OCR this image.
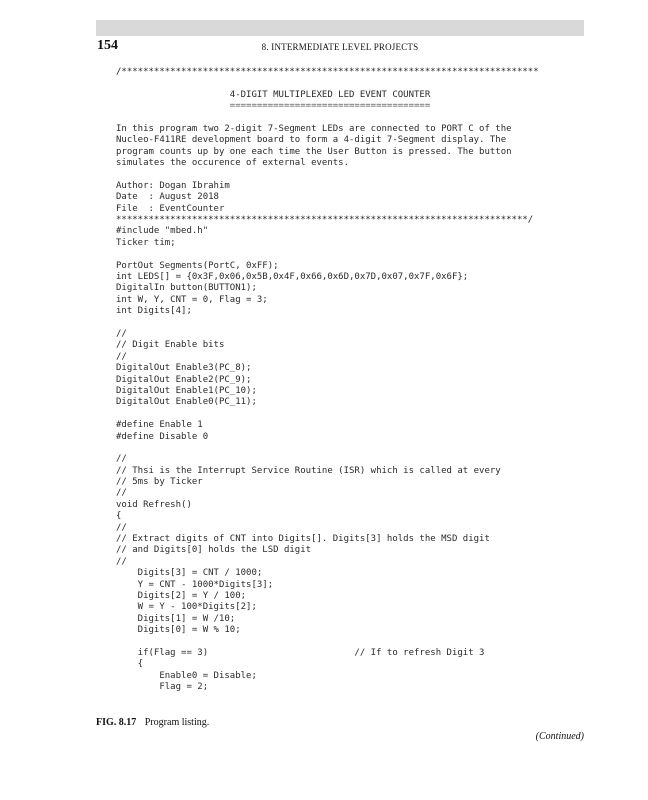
154	8. INTERMEDIATE LEVEL PROJECTS
/*****************************************************************************
4-DIGIT MULTIPLEXED LED EVENT COUNTER
=====================================
In this program two 2-digit 7-Segment LEDs are connected to PORT C of the
Nucleo-F411RE development board to form a 4-digit 7-Segment display. The
program counts up by one each time the User Button is pressed. The button
simulates the occurence of external events.
Author: Dogan Ibrahim
Date  : August 2018
File  : EventCounter
****************************************************************************/
#include "mbed.h"
Ticker tim;
PortOut Segments(PortC, 0xFF);
int LEDS[] = {0x3F,0x06,0x5B,0x4F,0x66,0x6D,0x7D,0x07,0x7F,0x6F};
DigitalIn button(BUTTON1);
int W, Y, CNT = 0, Flag = 3;
int Digits[4];
//
// Digit Enable bits
//
DigitalOut Enable3(PC_8);
DigitalOut Enable2(PC_9);
DigitalOut Enable1(PC_10);
DigitalOut Enable0(PC_11);
#define Enable 1
#define Disable 0
//
// Thsi is the Interrupt Service Routine (ISR) which is called at every
// 5ms by Ticker
//
void Refresh()
{
//
// Extract digits of CNT into Digits[]. Digits[3] holds the MSD digit
// and Digits[0] holds the LSD digit
//
Digits[3] = CNT / 1000;
Y = CNT - 1000*Digits[3];
Digits[2] = Y / 100;
W = Y - 100*Digits[2];
Digits[1] = W /10;
Digits[0] = W % 10;
if(Flag == 3)                           // If to refresh Digit 3
{
Enable0 = Disable;
Flag = 2;
FIG. 8.17 Program listing.
(Continued)
